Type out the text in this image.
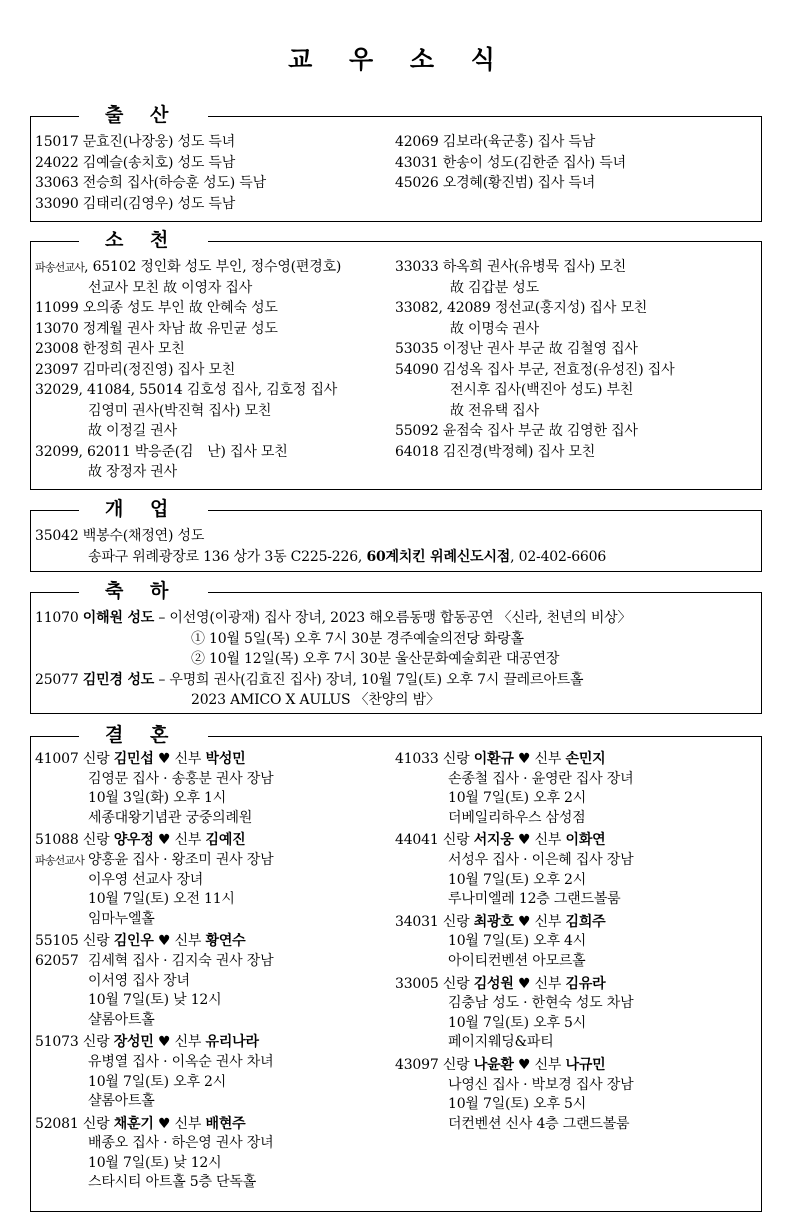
교 우 소 식
출 산
15017 문효진(나장웅) 성도 득녀
24022 김예슬(송치호) 성도 득남
33063 전승희 집사(하승훈 성도) 득남
33090 김태리(김영우) 성도 득남
42069 김보라(육군홍) 집사 득남
43031 한송이 성도(김한준 집사) 득녀
45026 오경혜(황진범) 집사 득녀
소 천
파송선교사, 65102 정인화 성도 부인, 정수영(편경호)
선교사 모친 故 이영자 집사
11099 오의종 성도 부인 故 안혜숙 성도
13070 정계월 권사 차남 故 유민균 성도
23008 한정희 권사 모친
23097 김마리(정진영) 집사 모친
32029, 41084, 55014 김호성 집사, 김호정 집사
김영미 권사(박진혁 집사) 모친
故 이정길 권사
32099, 62011 박응준(김　난) 집사 모친
故 장정자 권사
33033 하옥희 권사(유병묵 집사) 모친
故 김갑분 성도
33082, 42089 정선교(홍지성) 집사 모친
故 이명숙 권사
53035 이정난 권사 부군 故 김철영 집사
54090 김성옥 집사 부군, 전효정(유성진) 집사
전시후 집사(백진아 성도) 부친
故 전유택 집사
55092 윤점숙 집사 부군 故 김영한 집사
64018 김진경(박정혜) 집사 모친
개 업
35042 백봉수(채정연) 성도
송파구 위례광장로 136 상가 3동 C225-226, 60계치킨 위례신도시점, 02-402-6606
축 하
11070 이해원 성도 – 이선영(이광재) 집사 장녀, 2023 해오름동맹 합동공연 〈신라, 천년의 비상〉
① 10월 5일(목) 오후 7시 30분 경주예술의전당 화랑홀
② 10월 12일(목) 오후 7시 30분 울산문화예술회관 대공연장
25077 김민경 성도 – 우명희 권사(김효진 집사) 장녀, 10월 7일(토) 오후 7시 끌레르아트홀
2023 AMICO X AULUS 〈찬양의 밤〉
결 혼
41007 신랑 김민섭 ♥ 신부 박성민
김영문 집사 · 송홍분 권사 장남
10월 3일(화) 오후 1시
세종대왕기념관 궁중의례원
51088 신랑 양우정 ♥ 신부 김예진
파송선교사 양홍윤 집사 · 왕조미 권사 장남
이우영 선교사 장녀
10월 7일(토) 오전 11시
임마누엘홀
55105 신랑 김인우 ♥ 신부 황연수
62057 김세혁 집사 · 김지숙 권사 장남
이서영 집사 장녀
10월 7일(토) 낮 12시
샬롬아트홀
51073 신랑 장성민 ♥ 신부 유리나라
유병열 집사 · 이옥순 권사 차녀
10월 7일(토) 오후 2시
샬롬아트홀
52081 신랑 채훈기 ♥ 신부 배현주
배종오 집사 · 하은영 권사 장녀
10월 7일(토) 낮 12시
스타시티 아트홀 5층 단독홀
41033 신랑 이환규 ♥ 신부 손민지
손종철 집사 · 윤영란 집사 장녀
10월 7일(토) 오후 2시
더베일리하우스 삼성점
44041 신랑 서지웅 ♥ 신부 이화연
서성우 집사 · 이은혜 집사 장남
10월 7일(토) 오후 2시
루나미엘레 12층 그랜드볼룸
34031 신랑 최광호 ♥ 신부 김희주
10월 7일(토) 오후 4시
아이티컨벤션 아모르홀
33005 신랑 김성원 ♥ 신부 김유라
김충남 성도 · 한현숙 성도 차남
10월 7일(토) 오후 5시
페이지웨딩&파티
43097 신랑 나윤환 ♥ 신부 나규민
나영신 집사 · 박보경 집사 장남
10월 7일(토) 오후 5시
더컨벤션 신사 4층 그랜드볼룸
